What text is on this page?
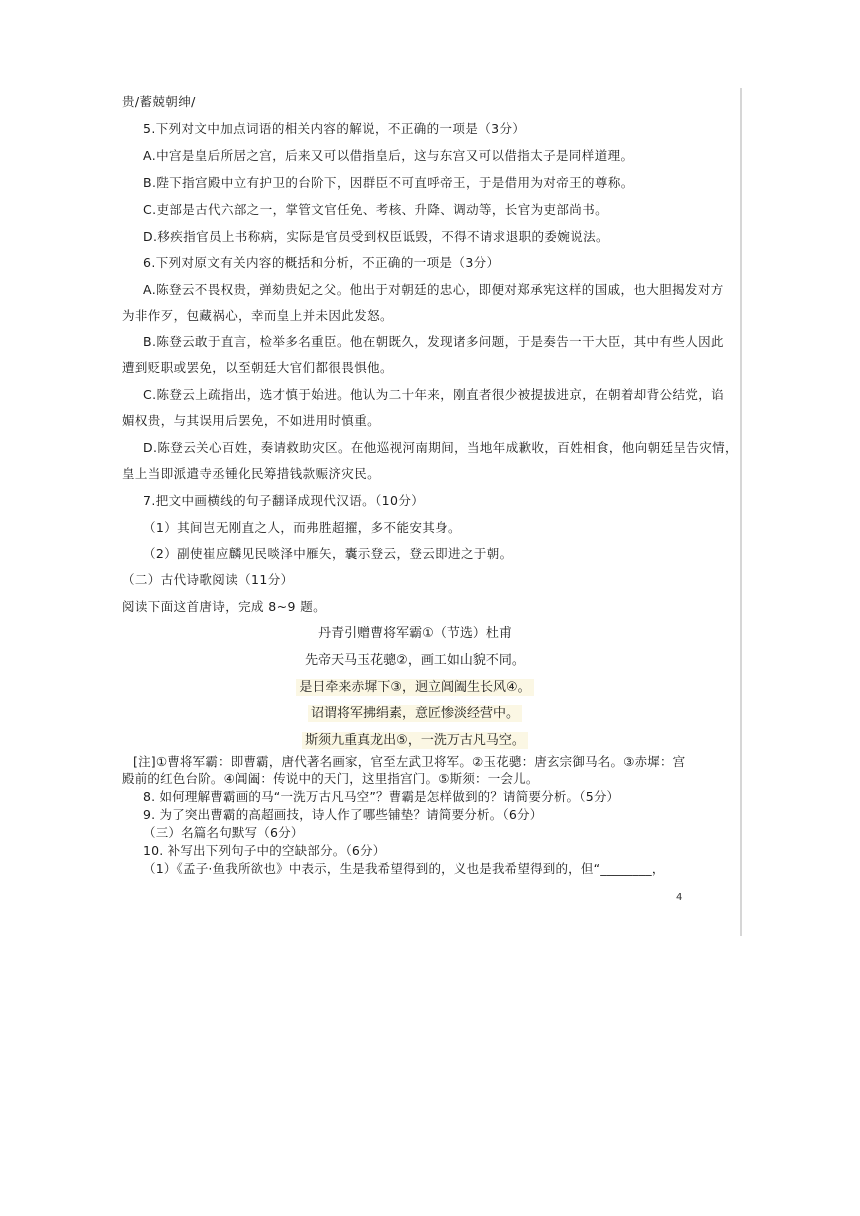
贵/蓄兢朝绅/
5.下列对文中加点词语的相关内容的解说，不正确的一项是（3分）
A.中宫是皇后所居之宫，后来又可以借指皇后，这与东宫又可以借指太子是同样道理。
B.陛下指宫殿中立有护卫的台阶下，因群臣不可直呼帝王，于是借用为对帝王的尊称。
C.吏部是古代六部之一，掌管文官任免、考核、升降、调动等，长官为吏部尚书。
D.移疾指官员上书称病，实际是官员受到权臣诋毁，不得不请求退职的委婉说法。
6.下列对原文有关内容的概括和分析，不正确的一项是（3分）
A.陈登云不畏权贵，弹劾贵妃之父。他出于对朝廷的忠心，即便对郑承宪这样的国戚，也大胆揭发对方
为非作歹，包藏祸心，幸而皇上并未因此发怒。
B.陈登云敢于直言，检举多名重臣。他在朝既久，发现诸多问题，于是奏告一干大臣，其中有些人因此
遭到贬职或罢免，以至朝廷大官们都很畏惧他。
C.陈登云上疏指出，选才慎于始进。他认为二十年来，刚直者很少被提拔进京，在朝着却背公结党，谄
媚权贵，与其误用后罢免，不如进用时慎重。
D.陈登云关心百姓，奏请救助灾区。在他巡视河南期间，当地年成歉收，百姓相食，他向朝廷呈告灾情，
皇上当即派遣寺丞锺化民筹措钱款赈济灾民。
7.把文中画横线的句子翻译成现代汉语。（10分）
（1）其间岂无刚直之人，而弗胜超擢，多不能安其身。
（2）副使崔应麟见民啖泽中雁矢，囊示登云，登云即进之于朝。
（二）古代诗歌阅读（11分）
阅读下面这首唐诗，完成 8~9 题。
丹青引赠曹将军霸①（节选）杜甫
先帝天马玉花骢②，画工如山貌不同。
是日牵来赤墀下③，迥立阊阖生长风④。
诏谓将军拂绢素，意匠惨淡经营中。
斯须九重真龙出⑤，一洗万古凡马空。
[注]①曹将军霸：即曹霸，唐代著名画家，官至左武卫将军。②玉花骢：唐玄宗御马名。③赤墀：宫
殿前的红色台阶。④阊阖：传说中的天门，这里指宫门。⑤斯须：一会儿。
8. 如何理解曹霸画的马“一洗万古凡马空”？曹霸是怎样做到的？请简要分析。（5分）
9. 为了突出曹霸的高超画技，诗人作了哪些铺垫？请简要分析。（6分）
（三）名篇名句默写（6分）
10. 补写出下列句子中的空缺部分。（6分）
（1）《孟子·鱼我所欲也》中表示，生是我希望得到的，义也是我希望得到的，但“________，
4
